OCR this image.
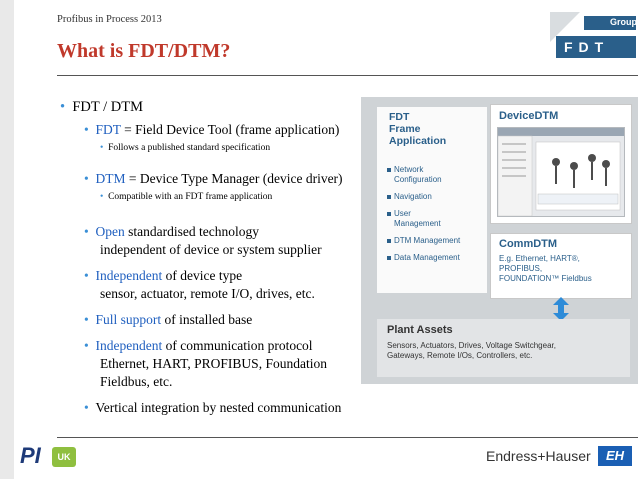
Profibus in Process 2013
What is FDT/DTM?
Group
FDT
• FDT / DTM
• FDT = Field Device Tool (frame application)
• Follows a published standard specification
• DTM = Device Type Manager (device driver)
• Compatible with an FDT frame application
• Open standardised technology
independent of device or system supplier
• Independent of device type
sensor, actuator, remote I/O, drives, etc.
• Full support of installed base
• Independent of communication protocol
Ethernet, HART, PROFIBUS, Foundation
Fieldbus, etc.
• Vertical integration by nested communication
FDT
Frame
Application
Network
Configuration
Navigation
User
Management
DTM Management
Data Management
DeviceDTM
CommDTM
E.g. Ethernet, HART®,
PROFIBUS,
FOUNDATION™ Fieldbus
Plant Assets
Sensors, Actuators, Drives, Voltage Switchgear,
Gateways, Remote I/Os, Controllers, etc.
PI	UK	Endress+Hauser	EH
